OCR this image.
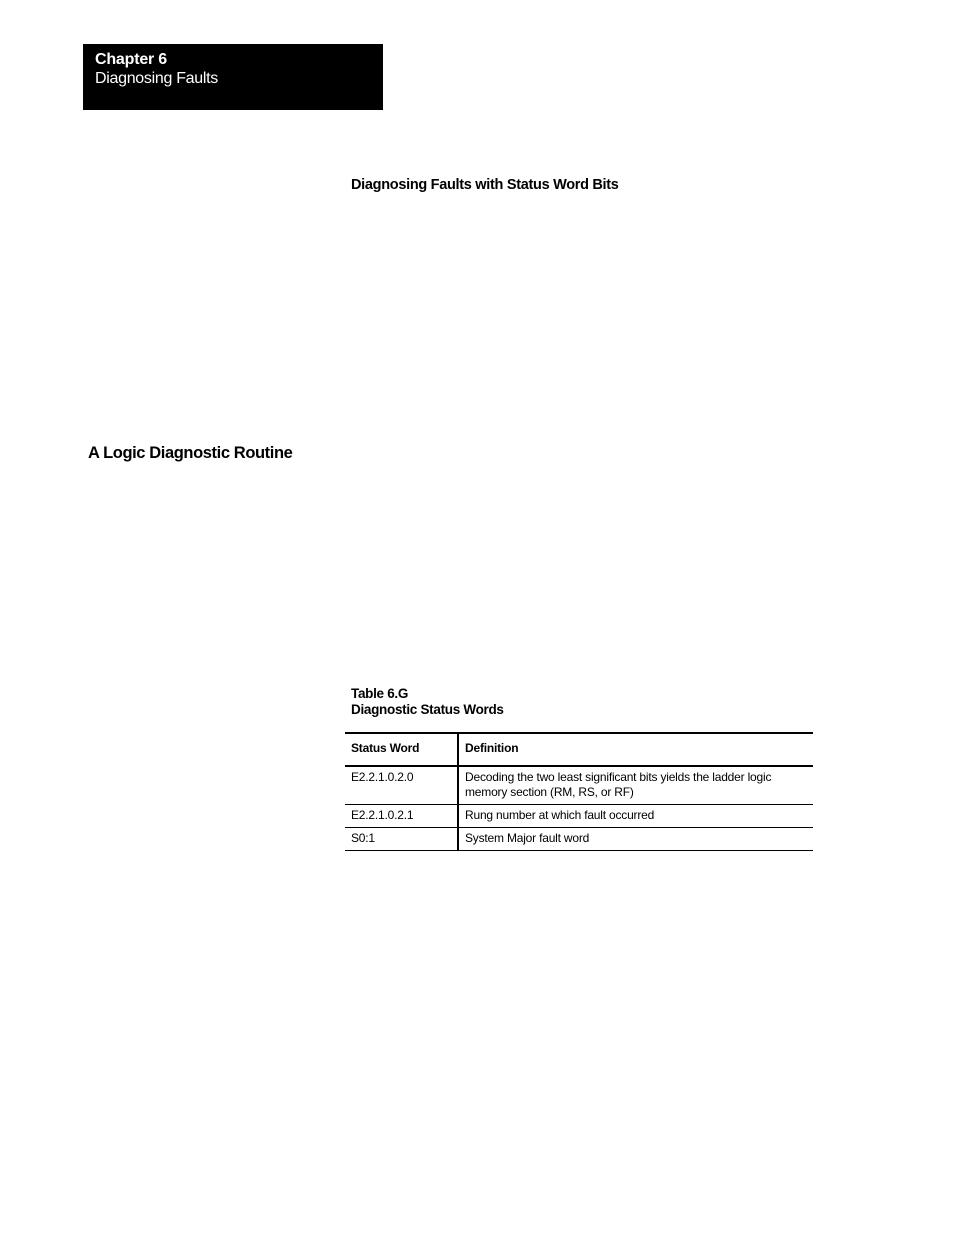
Chapter 6
Diagnosing Faults
Diagnosing Faults with Status Word Bits
A Logic Diagnostic Routine
Table 6.G
Diagnostic Status Words
Status Word	Definition
E2.2.1.0.2.0	Decoding the two least significant bits yields the ladder logic memory section (RM, RS, or RF)
E2.2.1.0.2.1	Rung number at which fault occurred
S0:1	System Major fault word
